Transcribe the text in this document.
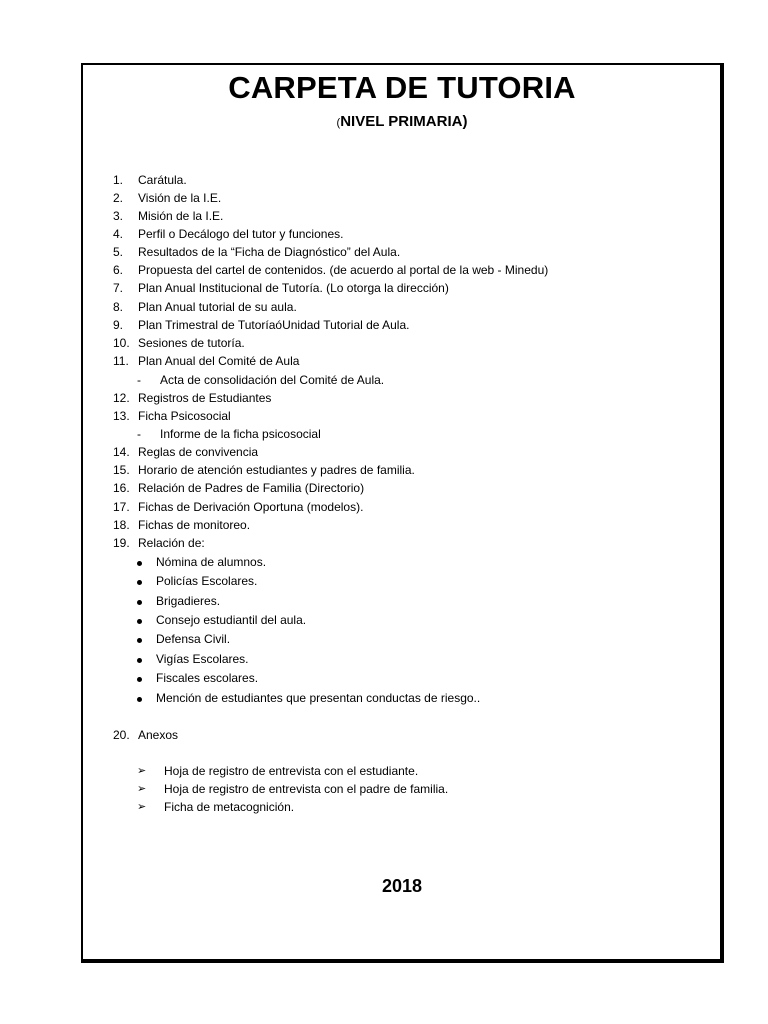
CARPETA DE TUTORIA
(NIVEL PRIMARIA)
1. Carátula.
2. Visión de la I.E.
3. Misión de la I.E.
4. Perfil o Decálogo del tutor y funciones.
5. Resultados de la “Ficha de Diagnóstico” del Aula.
6. Propuesta del cartel de contenidos. (de acuerdo al portal de la web - Minedu)
7. Plan Anual Institucional de Tutoría. (Lo otorga la dirección)
8. Plan Anual tutorial de su aula.
9. Plan Trimestral de TutoríaóUnidad Tutorial de Aula.
10. Sesiones de tutoría.
11. Plan Anual del Comité de Aula
- Acta de consolidación del Comité de Aula.
12. Registros de Estudiantes
13. Ficha Psicosocial
- Informe de la ficha psicosocial
14. Reglas de convivencia
15. Horario de atención estudiantes y padres de familia.
16. Relación de Padres de Familia (Directorio)
17. Fichas de Derivación Oportuna (modelos).
18. Fichas de monitoreo.
19. Relación de:
Nómina de alumnos.
Policías Escolares.
Brigadieres.
Consejo estudiantil del aula.
Defensa Civil.
Vigías Escolares.
Fiscales escolares.
Mención de estudiantes que presentan conductas de riesgo..
20. Anexos
➢ Hoja de registro de entrevista con el estudiante.
➢ Hoja de registro de entrevista con el padre de familia.
➢ Ficha de metacognición.
2018
